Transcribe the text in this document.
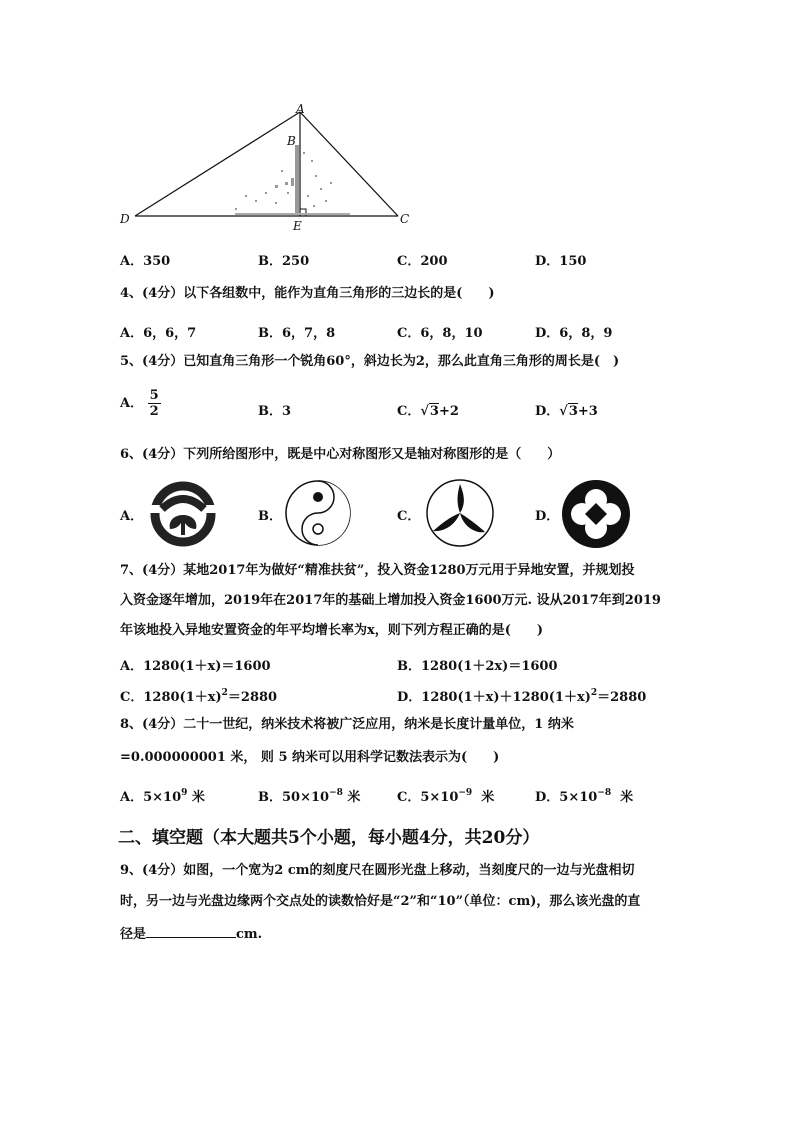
A
B
C
D	E
A．350	B．250	C．200	D．150
4、(4分）以下各组数中，能作为直角三角形的三边长的是(　　)
A．6，6，7	B．6，7，8	C．6，8，10	D．6，8，9
5、(4分）已知直角三角形一个锐角60°，斜边长为2，那么此直角三角形的周长是(　)
A． $\frac{5}{2}$	B．3	C．√3+2	D．√3+3
6、(4分）下列所给图形中，既是中心对称图形又是轴对称图形的是（　　）
A．	B．	C．	D．
7、(4分）某地2017年为做好“精准扶贫”，投入资金1280万元用于异地安置，并规划投
入资金逐年增加，2019年在2017年的基础上增加投入资金1600万元. 设从2017年到2019
年该地投入异地安置资金的年平均增长率为x，则下列方程正确的是(　　)
A．1280(1＋x)＝1600	B．1280(1＋2x)＝1600
C．$1280(1+x)^2=2880$	D．$1280(1+x)+1280(1+x)^2=2880$
8、(4分）二十一世纪，纳米技术将被广泛应用，纳米是长度计量单位，1 纳米
=0.000000001 米， 则 5 纳米可以用科学记数法表示为(　　)
A．$5\times 10^9$ 米	B．$50\times 10^{-8}$ 米	C．$5\times 10^{-9}$  米	D．$5\times 10^{-8}$  米
二、填空题（本大题共5个小题，每小题4分，共20分）
9、(4分）如图，一个宽为2 cm的刻度尺在圆形光盘上移动，当刻度尺的一边与光盘相切
时，另一边与光盘边缘两个交点处的读数恰好是“2”和“10”（单位：cm)，那么该光盘的直
径是	cm.
